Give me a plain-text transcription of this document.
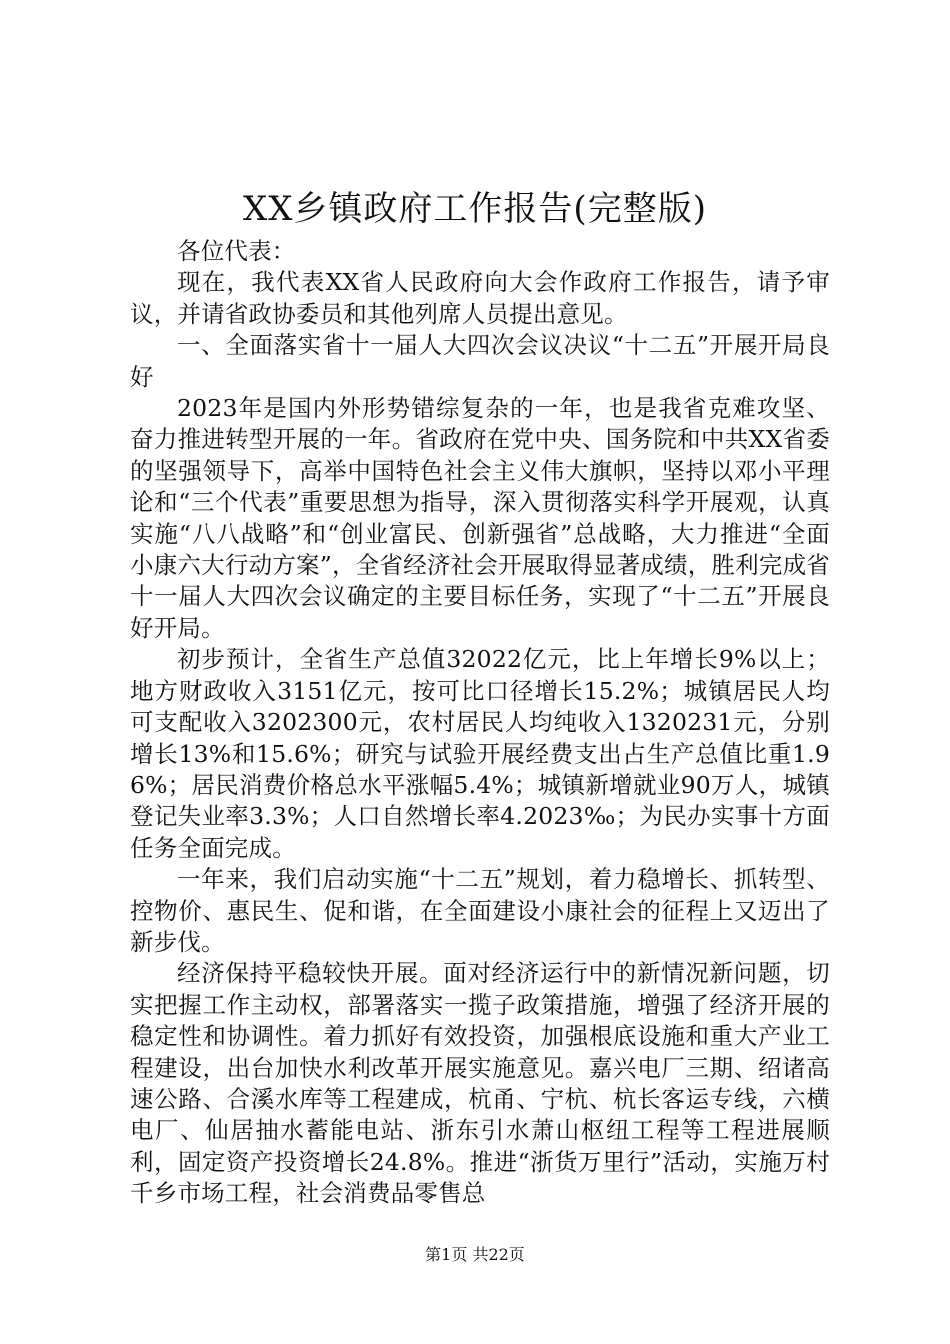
XX乡镇政府工作报告(完整版)

各位代表：

现在，我代表XX省人民政府向大会作政府工作报告，请予审议，并请省政协委员和其他列席人员提出意见。

一、全面落实省十一届人大四次会议决议“十二五”开展开局良好

2023年是国内外形势错综复杂的一年，也是我省克难攻坚、奋力推进转型开展的一年。省政府在党中央、国务院和中共XX省委的坚强领导下，高举中国特色社会主义伟大旗帜，坚持以邓小平理论和“三个代表”重要思想为指导，深入贯彻落实科学开展观，认真实施“八八战略”和“创业富民、创新强省”总战略，大力推进“全面小康六大行动方案”，全省经济社会开展取得显著成绩，胜利完成省十一届人大四次会议确定的主要目标任务，实现了“十二五”开展良好开局。

初步预计，全省生产总值32022亿元，比上年增长9%以上；地方财政收入3151亿元，按可比口径增长15.2%；城镇居民人均可支配收入3202300元，农村居民人均纯收入1320231元，分别增长13%和15.6%；研究与试验开展经费支出占生产总值比重1.96%；居民消费价格总水平涨幅5.4%；城镇新增就业90万人，城镇登记失业率3.3%；人口自然增长率4.2023‰；为民办实事十方面任务全面完成。

一年来，我们启动实施“十二五”规划，着力稳增长、抓转型、控物价、惠民生、促和谐，在全面建设小康社会的征程上又迈出了新步伐。

经济保持平稳较快开展。面对经济运行中的新情况新问题，切实把握工作主动权，部署落实一揽子政策措施，增强了经济开展的稳定性和协调性。着力抓好有效投资，加强根底设施和重大产业工程建设，出台加快水利改革开展实施意见。嘉兴电厂三期、绍诸高速公路、合溪水库等工程建成，杭甬、宁杭、杭长客运专线，六横电厂、仙居抽水蓄能电站、浙东引水萧山枢纽工程等工程进展顺利，固定资产投资增长24.8%。推进“浙货万里行”活动，实施万村千乡市场工程，社会消费品零售总

第1页 共22页
